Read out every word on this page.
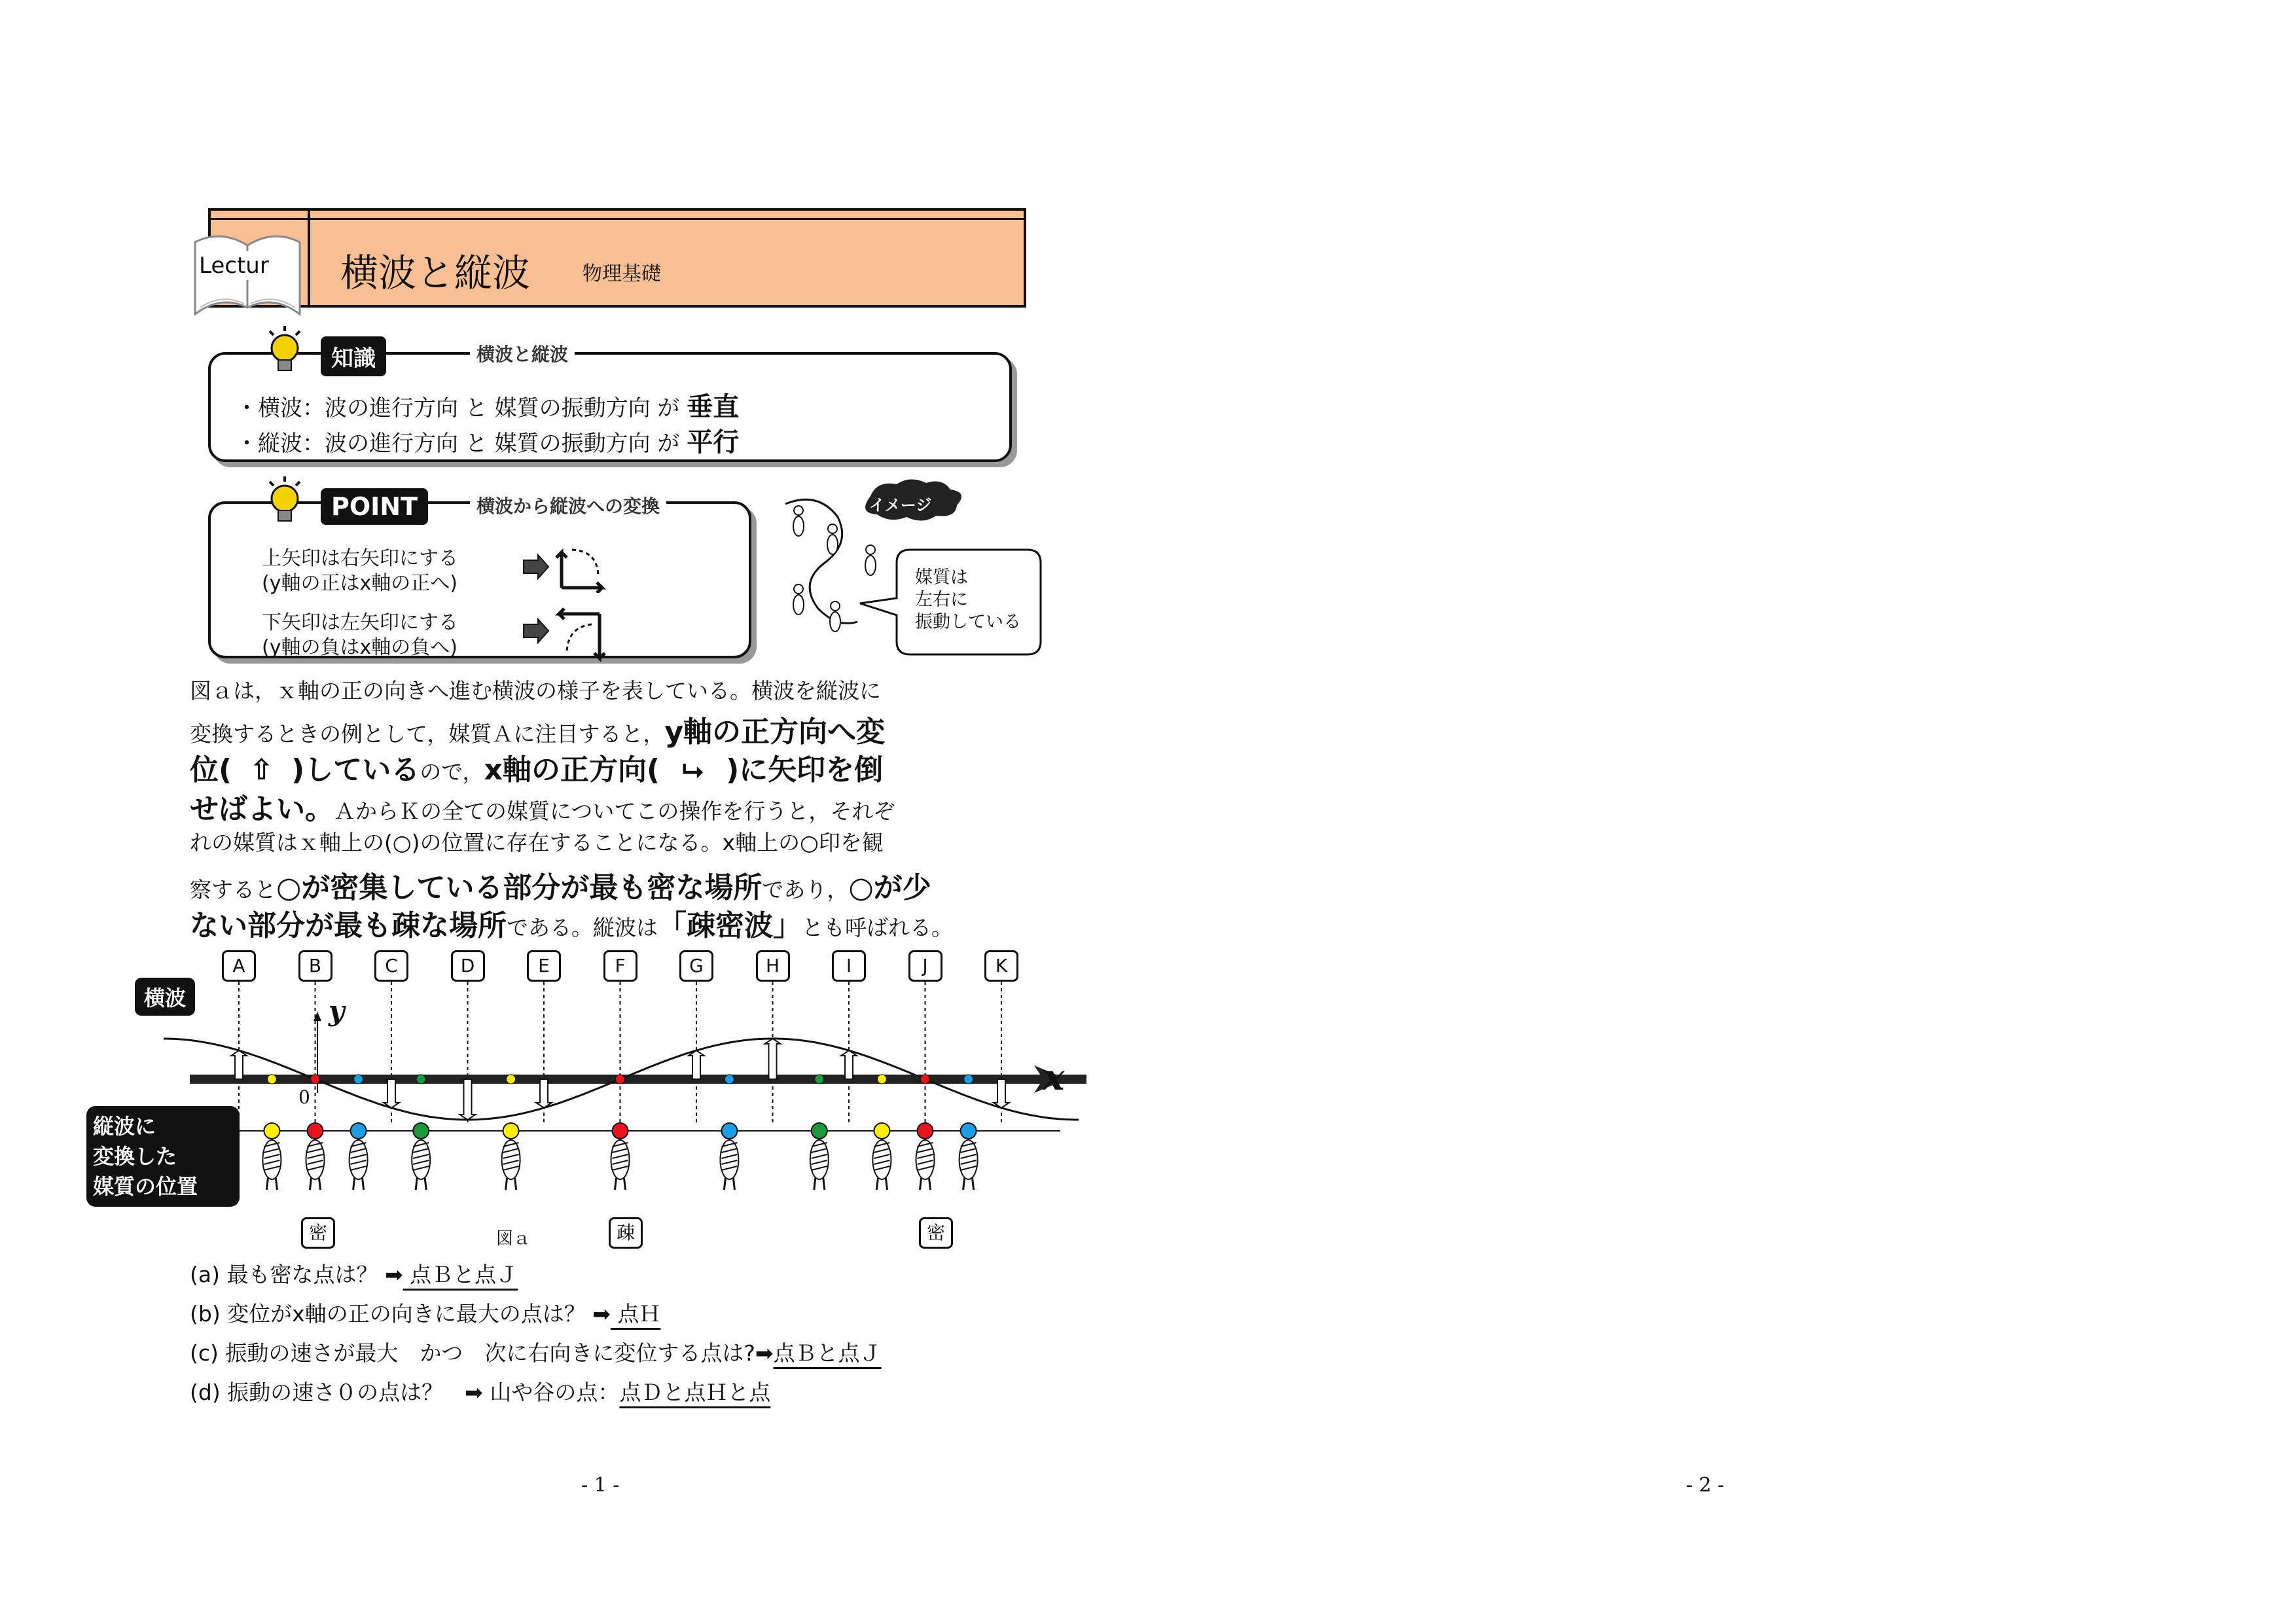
Lectur 横波と縦波	物理基礎
知識	横波と縦波
・横波：波の進行方向 と 媒質の振動方向 が 垂直
・縦波：波の進行方向 と 媒質の振動方向 が 平行
POINT	横波から縦波への変換
上矢印は右矢印にする
(y軸の正はx軸の正へ)
下矢印は左矢印にする
(y軸の負はx軸の負へ)
イメージ
媒質は
左右に
振動している
図ａは，ｘ軸の正の向きへ進む横波の様子を表している。横波を縦波に
変換するときの例として，媒質Ａに注目すると，y軸の正方向へ変
位( ⇧ )しているので，x軸の正方向( ⮡ )に矢印を倒
せばよい。ＡからＫの全ての媒質についてこの操作を行うと，それぞ
れの媒質はｘ軸上の(○)の位置に存在することになる。x軸上の○印を観
察すると○が密集している部分が最も密な場所であり，○が少
ない部分が最も疎な場所である。縦波は「疎密波」とも呼ばれる。
A	B	C	D	E	F	G	H	I	J	K
横波
縦波に
変換した
媒質の位置
y
x
0
密	図ａ	疎	密
(a) 最も密な点は？ ➡ 点Ｂと点Ｊ
(b) 変位がx軸の正の向きに最大の点は？ ➡ 点Ｈ
(c) 振動の速さが最大　かつ　次に右向きに変位する点は?➡点Ｂと点Ｊ
(d) 振動の速さ０の点は？　➡ 山や谷の点：点Ｄと点Ｈと点
- 1 -	- 2 -
